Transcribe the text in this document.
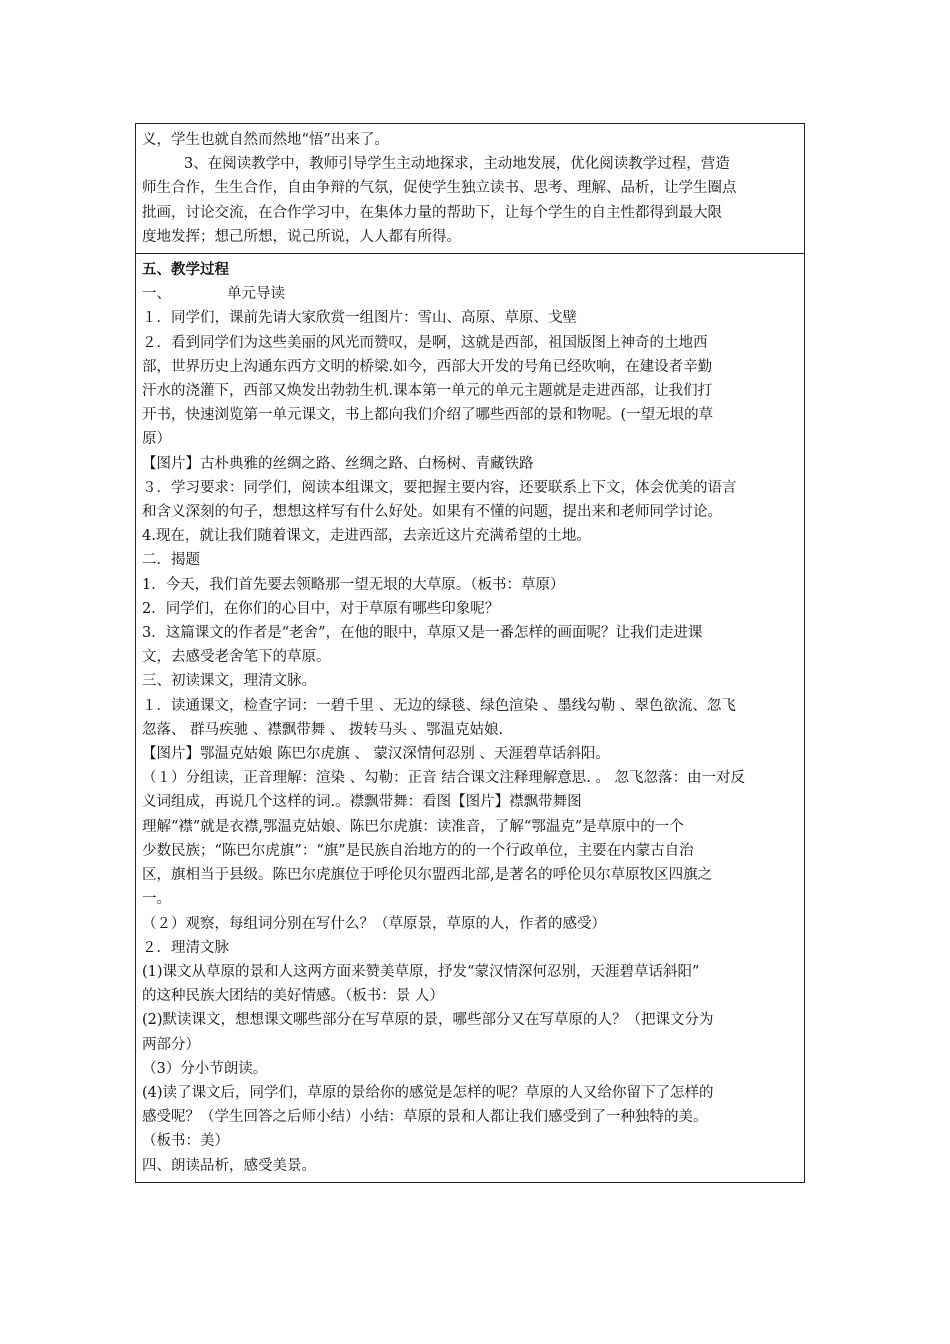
义，学生也就自然而然地“悟”出来了。
3、在阅读教学中，教师引导学生主动地探求，主动地发展，优化阅读教学过程，营造
师生合作，生生合作，自由争辩的气氛，促使学生独立读书、思考、理解、品析，让学生圈点
批画，讨论交流，在合作学习中，在集体力量的帮助下，让每个学生的自主性都得到最大限
度地发挥；想己所想，说己所说，人人都有所得。
五、教学过程
一、	单元导读
１．同学们，课前先请大家欣赏一组图片：雪山、高原、草原、戈壁
２．看到同学们为这些美丽的风光而赞叹，是啊，这就是西部，祖国版图上神奇的土地西
部，世界历史上沟通东西方文明的桥梁.如今，西部大开发的号角已经吹响，在建设者辛勤
汗水的浇灌下，西部又焕发出勃勃生机.课本第一单元的单元主题就是走进西部，让我们打
开书，快速浏览第一单元课文，书上都向我们介绍了哪些西部的景和物呢。(一望无垠的草
原）
【图片】古朴典雅的丝绸之路、丝绸之路、白杨树、青藏铁路
３．学习要求：同学们，阅读本组课文，要把握主要内容，还要联系上下文，体会优美的语言
和含义深刻的句子，想想这样写有什么好处。如果有不懂的问题，提出来和老师同学讨论。
4.现在，就让我们随着课文，走进西部，去亲近这片充满希望的土地。
二．揭题
1．今天，我们首先要去领略那一望无垠的大草原。（板书：草原）
2．同学们，在你们的心目中，对于草原有哪些印象呢？
3．这篇课文的作者是“老舍”，在他的眼中，草原又是一番怎样的画面呢？让我们走进课
文，去感受老舍笔下的草原。
三、初读课文，理清文脉。
１．读通课文，检查字词：一碧千里 、无边的绿毯、绿色渲染 、墨线勾勒 、翠色欲流、忽飞
忽落、 群马疾驰 、襟飘带舞 、 拨转马头 、鄂温克姑娘.
【图片】鄂温克姑娘 陈巴尔虎旗 、 蒙汉深情何忍别 、天涯碧草话斜阳。
（１）分组读，正音理解：渲染 、勾勒：正音 结合课文注释理解意思. 。 忽飞忽落：由一对反
义词组成，再说几个这样的词.。襟飘带舞：看图【图片】襟飘带舞图
理解“襟”就是衣襟,鄂温克姑娘、陈巴尔虎旗：读准音，了解“鄂温克”是草原中的一个
少数民族；“陈巴尔虎旗”：“旗”是民族自治地方的的一个行政单位，主要在内蒙古自治
区，旗相当于县级。陈巴尔虎旗位于呼伦贝尔盟西北部,是著名的呼伦贝尔草原牧区四旗之
一。
（２）观察，每组词分别在写什么？（草原景，草原的人，作者的感受）
２．理清文脉
(1)课文从草原的景和人这两方面来赞美草原，抒发“蒙汉情深何忍别，天涯碧草话斜阳”
的这种民族大团结的美好情感。（板书：景 人）
(2)默读课文，想想课文哪些部分在写草原的景，哪些部分又在写草原的人？（把课文分为
两部分）
（3）分小节朗读。
(4)读了课文后，同学们，草原的景给你的感觉是怎样的呢？草原的人又给你留下了怎样的
感受呢？（学生回答之后师小结）小结：草原的景和人都让我们感受到了一种独特的美。
（板书：美）
四、朗读品析，感受美景。
